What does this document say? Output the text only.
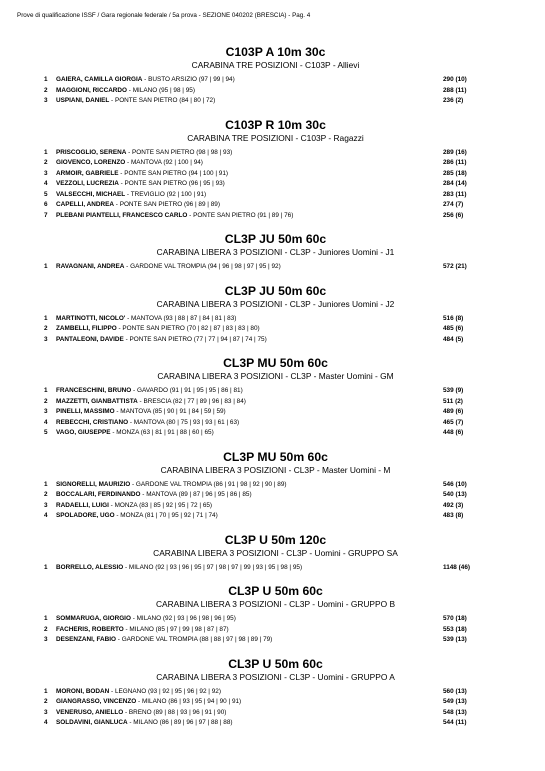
Prove di qualificazione ISSF / Gara regionale federale / 5a prova - SEZIONE 040202 (BRESCIA) - Pag. 4
C103P A 10m 30c
CARABINA TRE POSIZIONI - C103P - Allievi
1 GAIERA, CAMILLA GIORGIA - BUSTO ARSIZIO (97 | 99 | 94)	290 (10)
2 MAGGIONI, RICCARDO - MILANO (95 | 98 | 95)	288 (11)
3 USPIANI, DANIEL - PONTE SAN PIETRO (84 | 80 | 72)	236 (2)
C103P R 10m 30c
CARABINA TRE POSIZIONI - C103P - Ragazzi
1 PRISCOGLIO, SERENA - PONTE SAN PIETRO (98 | 98 | 93)	289 (16)
2 GIOVENCO, LORENZO - MANTOVA (92 | 100 | 94)	286 (11)
3 ARMOIR, GABRIELE - PONTE SAN PIETRO (94 | 100 | 91)	285 (18)
4 VEZZOLI, LUCREZIA - PONTE SAN PIETRO (96 | 95 | 93)	284 (14)
5 VALSECCHI, MICHAEL - TREVIGLIO (92 | 100 | 91)	283 (11)
6 CAPELLI, ANDREA - PONTE SAN PIETRO (96 | 89 | 89)	274 (7)
7 PLEBANI PIANTELLI, FRANCESCO CARLO - PONTE SAN PIETRO (91 | 89 | 76)	256 (6)
CL3P JU 50m 60c
CARABINA LIBERA 3 POSIZIONI - CL3P - Juniores Uomini - J1
1 RAVAGNANI, ANDREA - GARDONE VAL TROMPIA (94 | 96 | 98 | 97 | 95 | 92)	572 (21)
CL3P JU 50m 60c
CARABINA LIBERA 3 POSIZIONI - CL3P - Juniores Uomini - J2
1 MARTINOTTI, NICOLO' - MANTOVA (93 | 88 | 87 | 84 | 81 | 83)	516 (8)
2 ZAMBELLI, FILIPPO - PONTE SAN PIETRO (70 | 82 | 87 | 83 | 83 | 80)	485 (6)
3 PANTALEONI, DAVIDE - PONTE SAN PIETRO (77 | 77 | 94 | 87 | 74 | 75)	484 (5)
CL3P MU 50m 60c
CARABINA LIBERA 3 POSIZIONI - CL3P - Master Uomini - GM
1 FRANCESCHINI, BRUNO - GAVARDO (91 | 91 | 95 | 95 | 86 | 81)	539 (9)
2 MAZZETTI, GIANBATTISTA - BRESCIA (82 | 77 | 89 | 96 | 83 | 84)	511 (2)
3 PINELLI, MASSIMO - MANTOVA (85 | 90 | 91 | 84 | 59 | 59)	489 (6)
4 REBECCHI, CRISTIANO - MANTOVA (80 | 75 | 93 | 93 | 61 | 63)	465 (7)
5 VAGO, GIUSEPPE - MONZA (63 | 81 | 91 | 88 | 60 | 65)	448 (6)
CL3P MU 50m 60c
CARABINA LIBERA 3 POSIZIONI - CL3P - Master Uomini - M
1 SIGNORELLI, MAURIZIO - GARDONE VAL TROMPIA (86 | 91 | 98 | 92 | 90 | 89)	546 (10)
2 BOCCALARI, FERDINANDO - MANTOVA (89 | 87 | 96 | 95 | 86 | 85)	540 (13)
3 RADAELLI, LUIGI - MONZA (83 | 85 | 92 | 95 | 72 | 65)	492 (3)
4 SPOLADORE, UGO - MONZA (81 | 70 | 95 | 92 | 71 | 74)	483 (8)
CL3P U 50m 120c
CARABINA LIBERA 3 POSIZIONI - CL3P - Uomini - GRUPPO SA
1 BORRELLO, ALESSIO - MILANO (92 | 93 | 96 | 95 | 97 | 98 | 97 | 99 | 93 | 95 | 98 | 95)	1148 (46)
CL3P U 50m 60c
CARABINA LIBERA 3 POSIZIONI - CL3P - Uomini - GRUPPO B
1 SOMMARUGA, GIORGIO - MILANO (92 | 93 | 96 | 98 | 96 | 95)	570 (18)
2 FACHERIS, ROBERTO - MILANO (85 | 97 | 99 | 98 | 87 | 87)	553 (18)
3 DESENZANI, FABIO - GARDONE VAL TROMPIA (88 | 88 | 97 | 98 | 89 | 79)	539 (13)
CL3P U 50m 60c
CARABINA LIBERA 3 POSIZIONI - CL3P - Uomini - GRUPPO A
1 MORONI, BODAN - LEGNANO (93 | 92 | 95 | 96 | 92 | 92)	560 (13)
2 GIANGRASSO, VINCENZO - MILANO (86 | 93 | 95 | 94 | 90 | 91)	549 (13)
3 VENERUSO, ANIELLO - BRENO (89 | 88 | 93 | 96 | 91 | 90)	548 (13)
4 SOLDAVINI, GIANLUCA - MILANO (86 | 89 | 96 | 97 | 88 | 88)	544 (11)
